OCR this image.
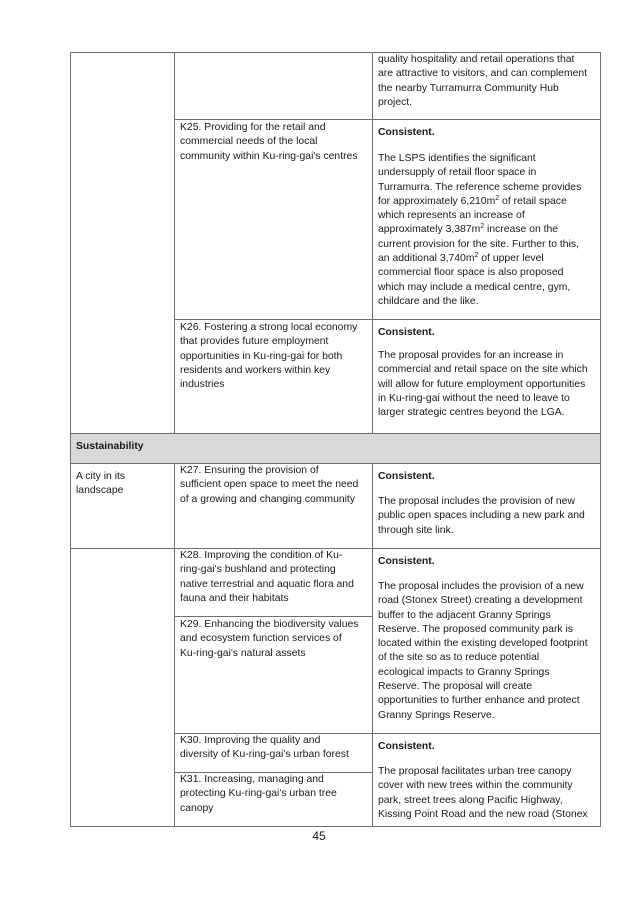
quality hospitality and retail operations that
are attractive to visitors, and can complement
the nearby Turramurra Community Hub
project.
K25. Providing for the retail and
commercial needs of the local
community within Ku-ring-gai's centres
Consistent.
The LSPS identifies the significant
undersupply of retail floor space in
Turramurra. The reference scheme provides
for approximately $6,210m^2$ of retail space
which represents an increase of
approximately $3,387m^2$ increase on the
current provision for the site. Further to this,
an additional $3,740m^2$ of upper level
commercial floor space is also proposed
which may include a medical centre, gym,
childcare and the like.
K26. Fostering a strong local economy
that provides future employment
opportunities in Ku-ring-gai for both
residents and workers within key
industries
Consistent.
The proposal provides for an increase in
commercial and retail space on the site which
will allow for future employment opportunities
in Ku-ring-gai without the need to leave to
larger strategic centres beyond the LGA.
Sustainability
A city in its
landscape
K27. Ensuring the provision of
sufficient open space to meet the need
of a growing and changing community
Consistent.
The proposal includes the provision of new
public open spaces including a new park and
through site link.
K28. Improving the condition of Ku-
ring-gai's bushland and protecting
native terrestrial and aquatic flora and
fauna and their habitats
K29. Enhancing the biodiversity values
and ecosystem function services of
Ku-ring-gai's natural assets
Consistent.
The proposal includes the provision of a new
road (Stonex Street) creating a development
buffer to the adjacent Granny Springs
Reserve. The proposed community park is
located within the existing developed footprint
of the site so as to reduce potential
ecological impacts to Granny Springs
Reserve. The proposal will create
opportunities to further enhance and protect
Granny Springs Reserve.
K30. Improving the quality and
diversity of Ku-ring-gai's urban forest
K31. Increasing, managing and
protecting Ku-ring-gai's urban tree
canopy
Consistent.
The proposal facilitates urban tree canopy
cover with new trees within the community
park, street trees along Pacific Highway,
Kissing Point Road and the new road (Stonex
45
